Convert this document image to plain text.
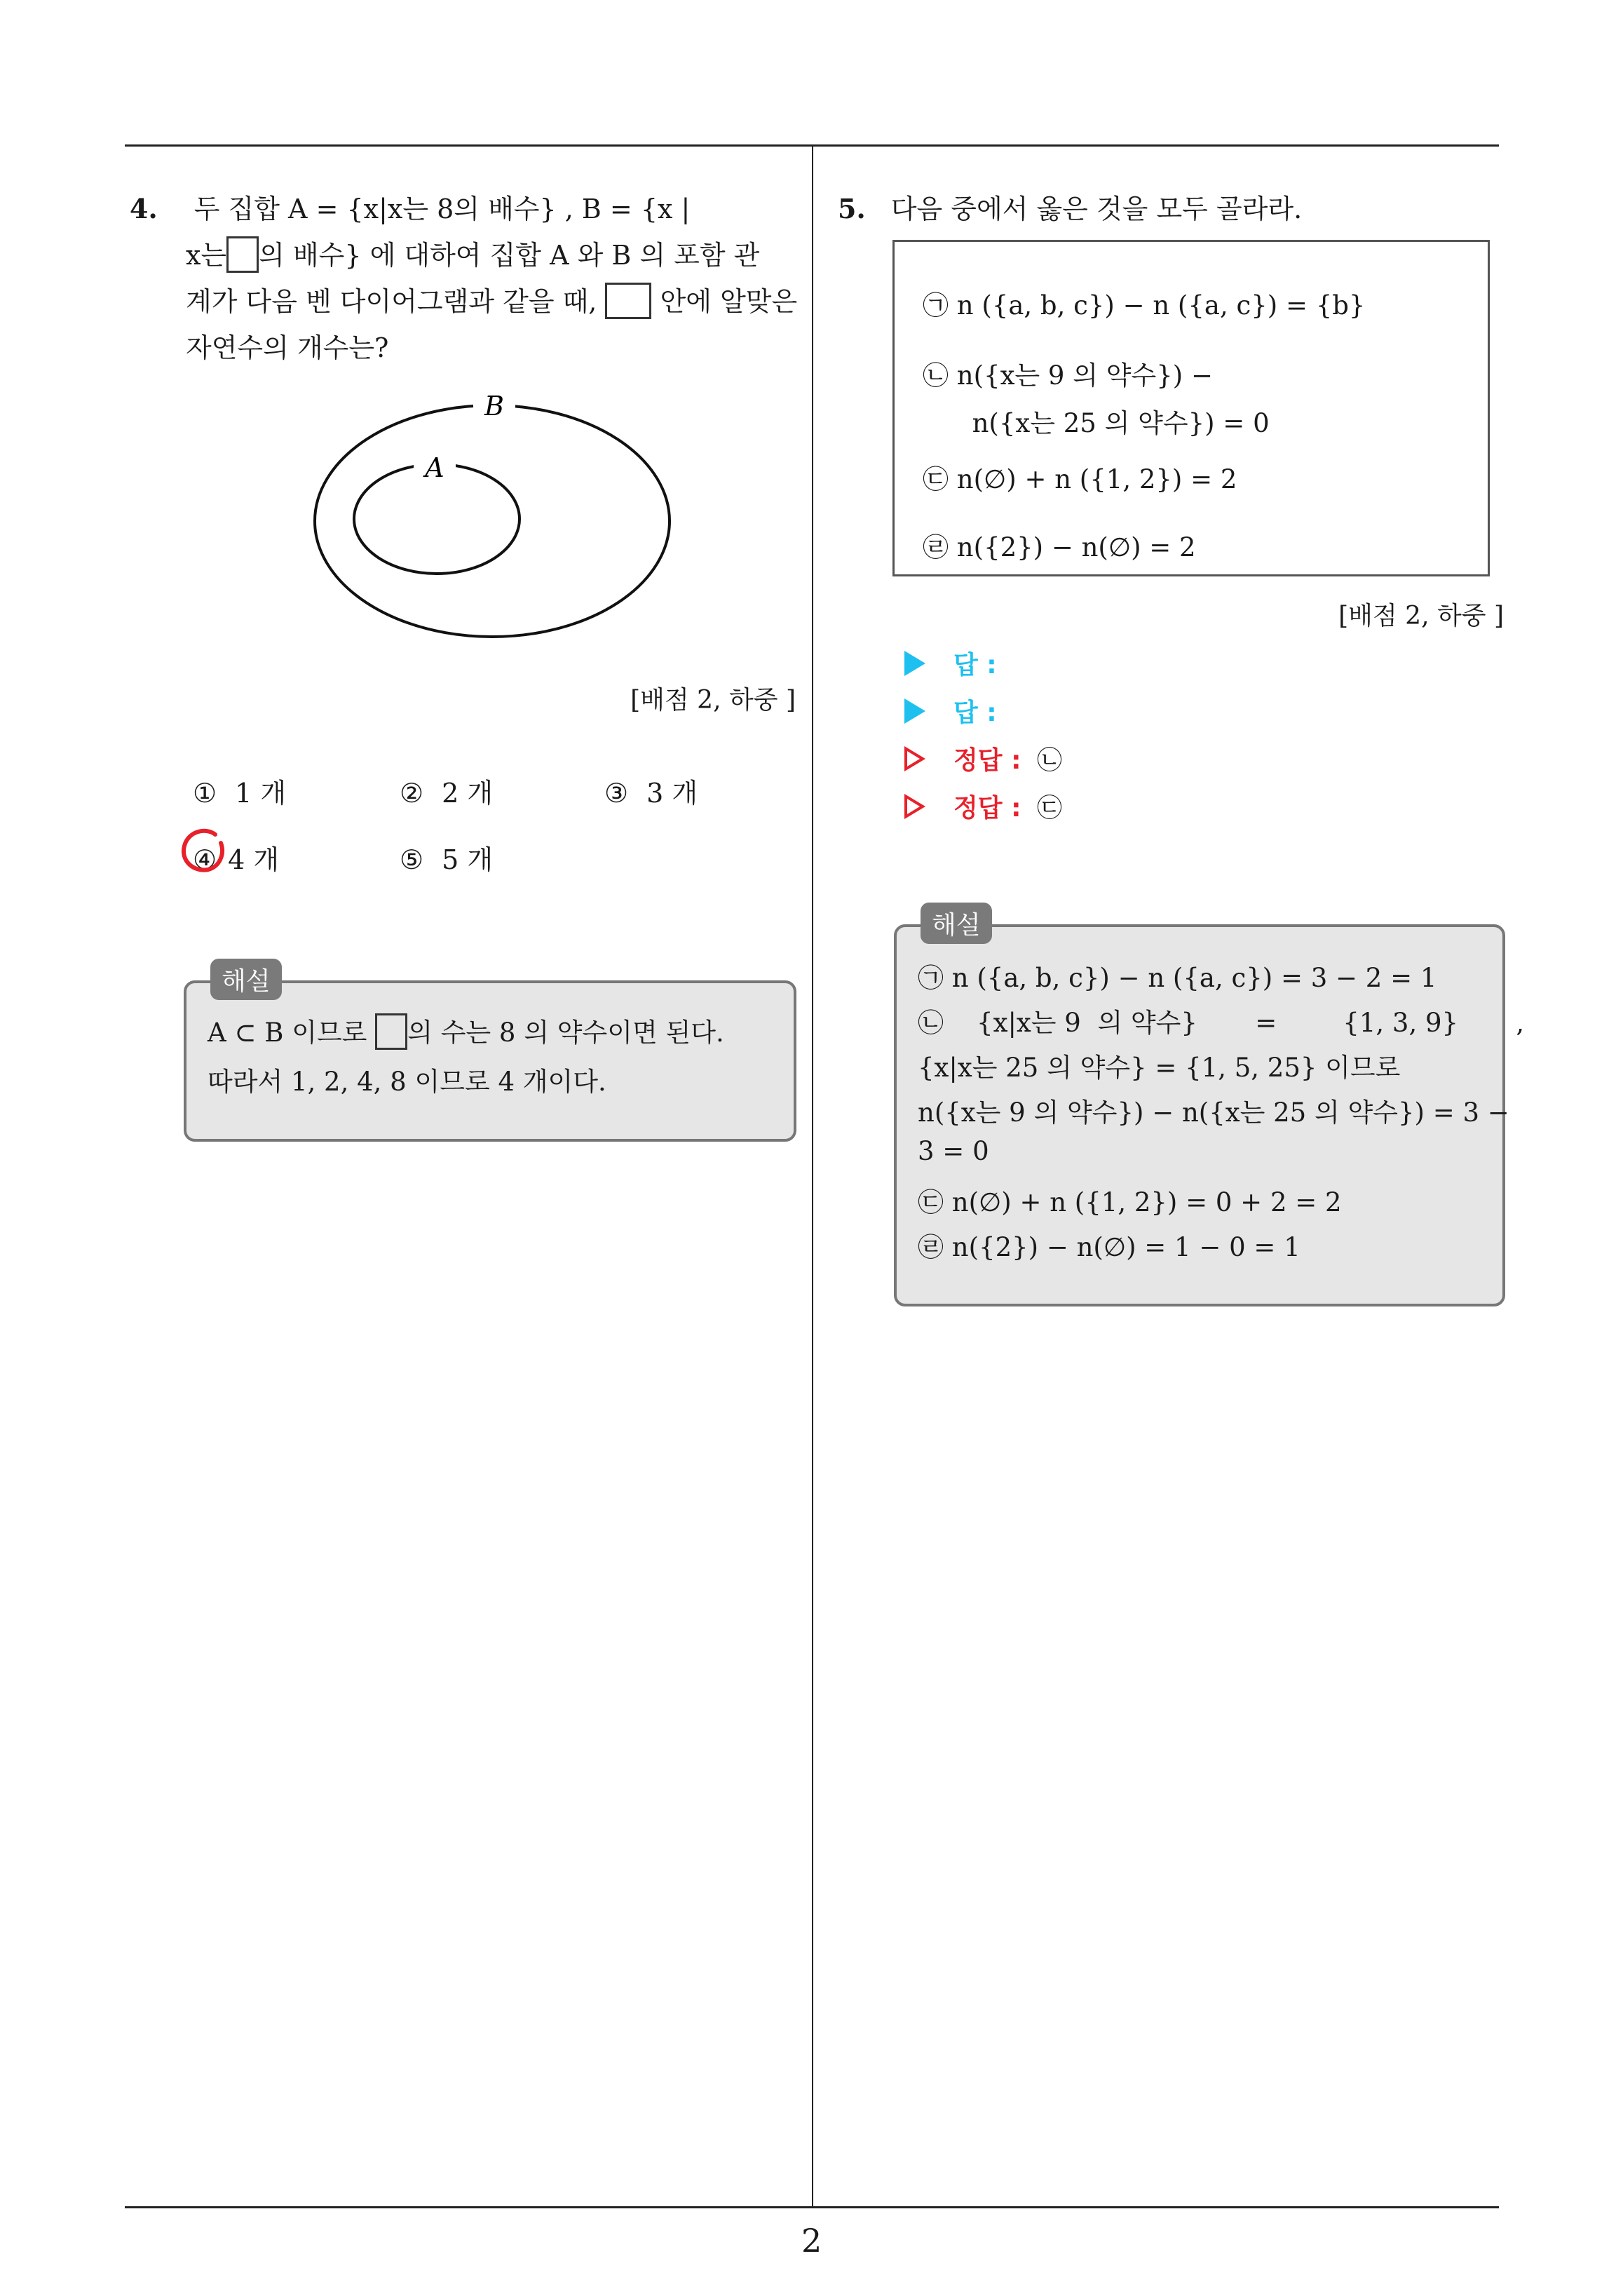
4. 두 집합 A = {x|x는 8의 배수} , B = {x |
x는 의 배수} 에 대하여 집합 A 와 B 의 포함 관
계가 다음 벤 다이어그램과 같을 때, 안에 알맞은
자연수의 개수는?
B
A
[배점 2, 하중 ]
① 1 개	② 2 개	③ 3 개
④ 4 개	⑤ 5 개
A ⊂ B 이므로 의 수는 8 의 약수이면 된다.
따라서 1, 2, 4, 8 이므로 4 개이다.
해설
5. 다음 중에서 옳은 것을 모두 골라라.
㉠ n ({a, b, c}) − n ({a, c}) = {b}
㉡ n({x는 9 의 약수}) −
n({x는 25 의 약수}) = 0
㉢ n(∅) + n ({1, 2}) = 2
㉣ n({2}) − n(∅) = 2
[배점 2, 하중 ]
답 :
답 :
정답 : ㉡
정답 : ㉢
㉠ n ({a, b, c}) − n ({a, c}) = 3 − 2 = 1
㉡    {x|x는 9  의 약수}       =        {1, 3, 9}       ,
{x|x는 25 의 약수} = {1, 5, 25} 이므로
n({x는 9 의 약수}) − n({x는 25 의 약수}) = 3 −
3 = 0
㉢ n(∅) + n ({1, 2}) = 0 + 2 = 2
㉣ n({2}) − n(∅) = 1 − 0 = 1
해설
2
